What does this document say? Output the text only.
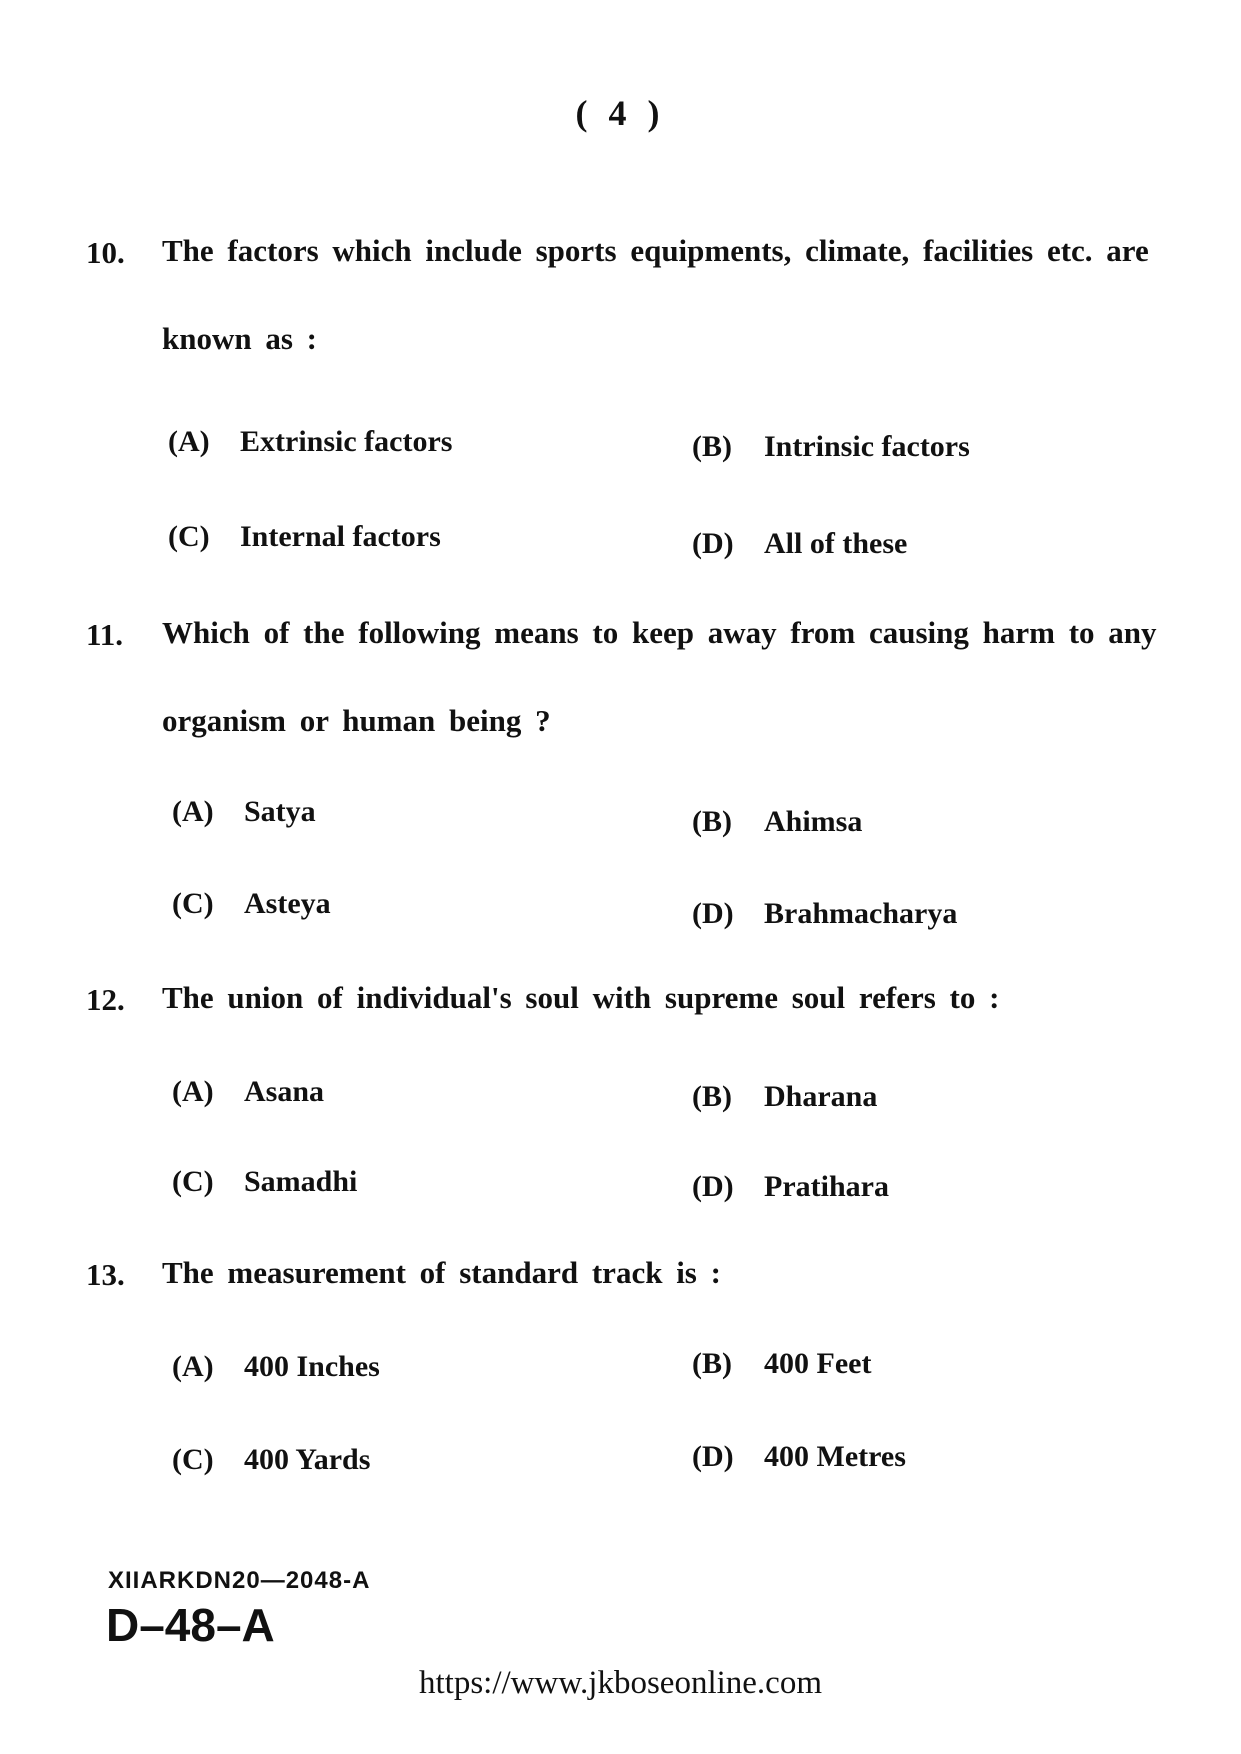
( 4 )
10. The factors which include sports equipments, climate, facilities etc. are known as :
(A) Extrinsic factors	(B) Intrinsic factors
(C) Internal factors	(D) All of these
11. Which of the following means to keep away from causing harm to any organism or human being ?
(A) Satya	(B) Ahimsa
(C) Asteya	(D) Brahmacharya
12. The union of individual's soul with supreme soul refers to :
(A) Asana	(B) Dharana
(C) Samadhi	(D) Pratihara
13. The measurement of standard track is :
(A) 400 Inches	(B) 400 Feet
(C) 400 Yards	(D) 400 Metres
XIIARKDN20—2048-A
D–48–A
https://www.jkboseonline.com
